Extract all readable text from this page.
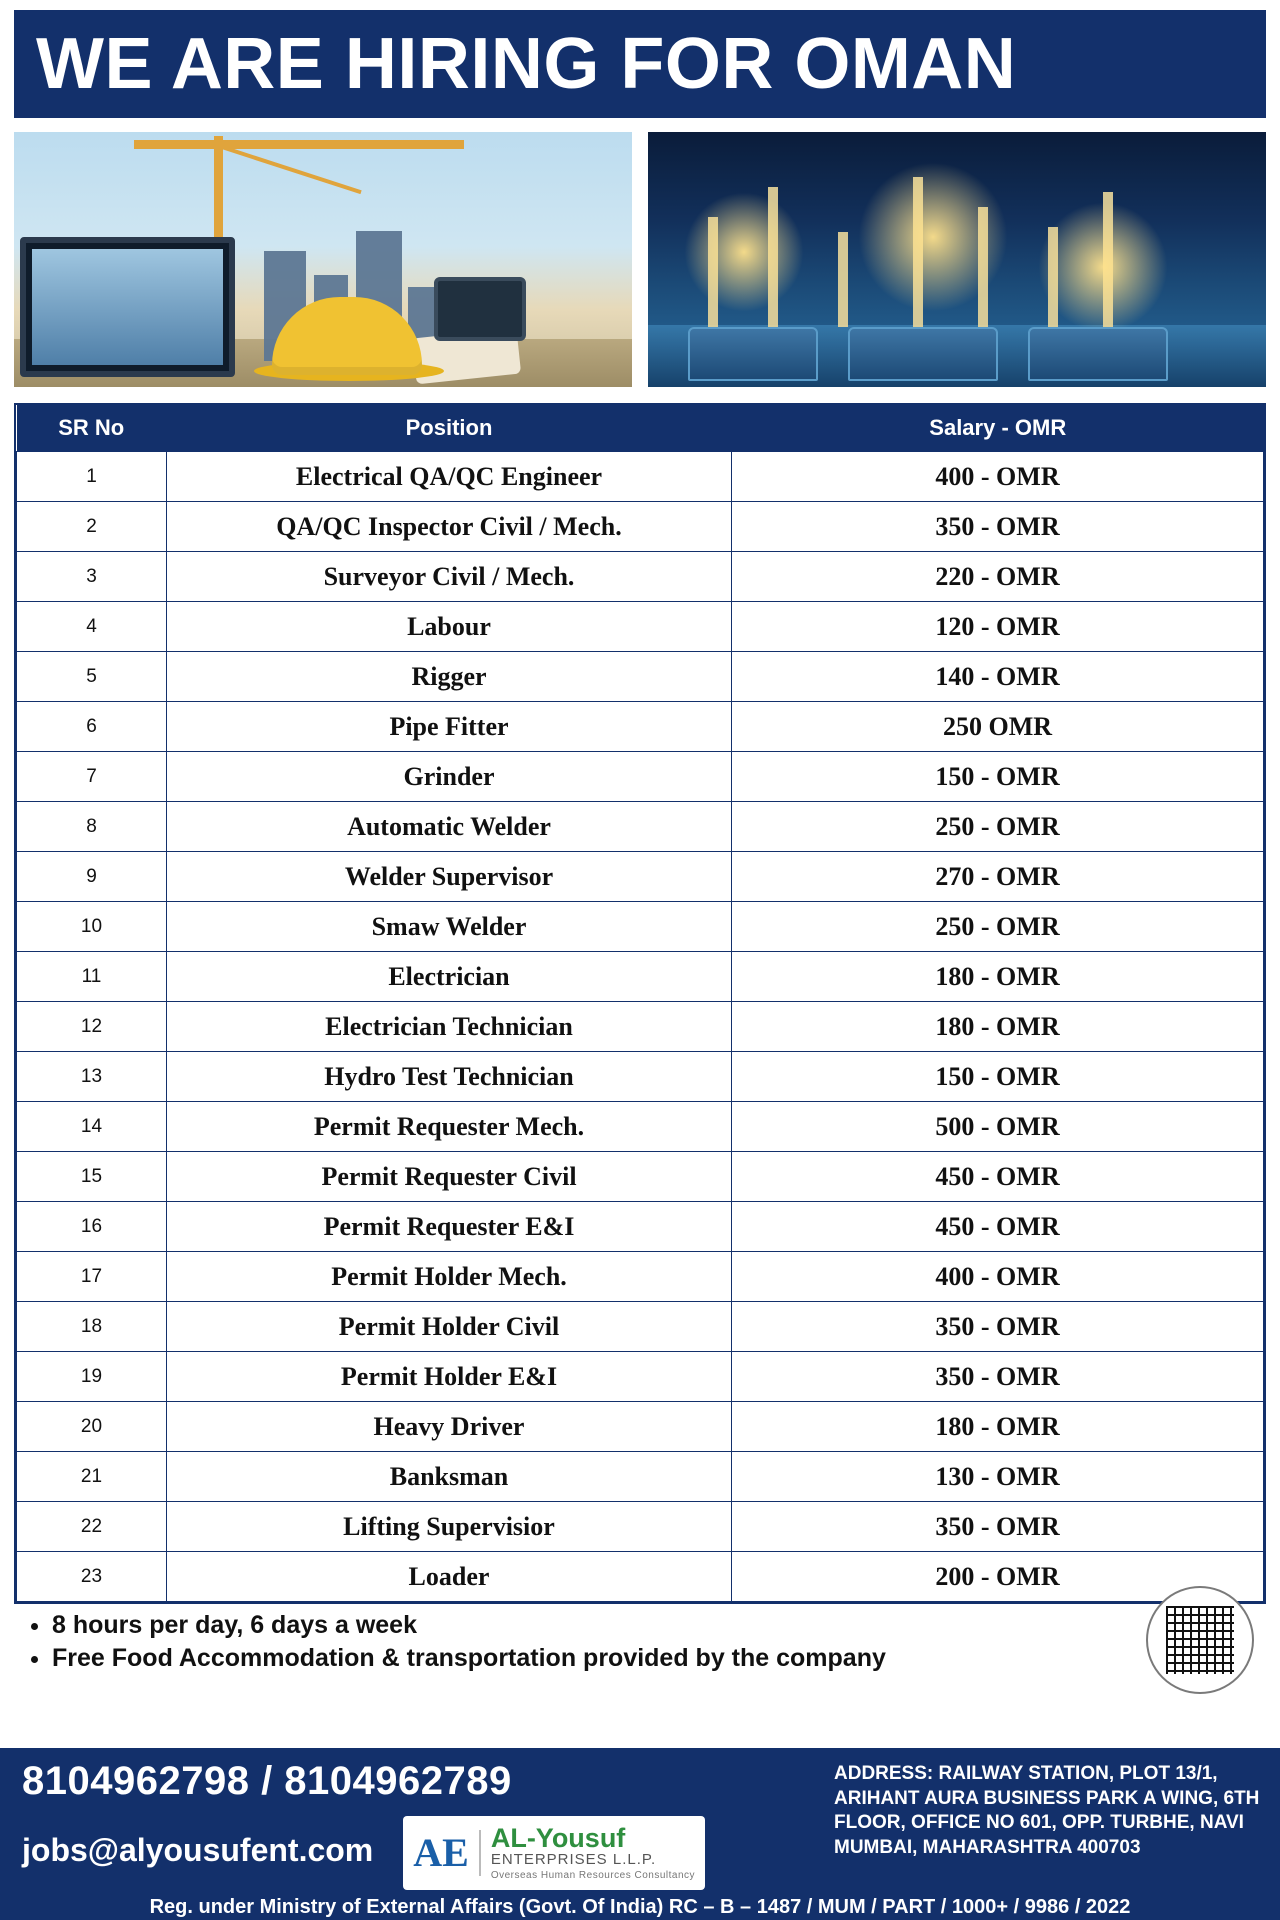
WE ARE HIRING FOR OMAN
SR No	Position	Salary - OMR
1	Electrical QA/QC Engineer	400 - OMR
2	QA/QC Inspector Civil / Mech.	350 - OMR
3	Surveyor Civil / Mech.	220 - OMR
4	Labour	120 - OMR
5	Rigger	140 - OMR
6	Pipe Fitter	250 OMR
7	Grinder	150 - OMR
8	Automatic Welder	250 - OMR
9	Welder Supervisor	270 - OMR
10	Smaw Welder	250 - OMR
11	Electrician	180 - OMR
12	Electrician Technician	180 - OMR
13	Hydro Test Technician	150 - OMR
14	Permit Requester Mech.	500 - OMR
15	Permit Requester Civil	450 - OMR
16	Permit Requester E&I	450 - OMR
17	Permit Holder Mech.	400 - OMR
18	Permit Holder Civil	350 - OMR
19	Permit Holder E&I	350 - OMR
20	Heavy Driver	180 - OMR
21	Banksman	130 - OMR
22	Lifting Supervisior	350 - OMR
23	Loader	200 - OMR
• 8 hours per day, 6 days a week
• Free Food Accommodation & transportation provided by the company
8104962798 / 8104962789
jobs@alyousufent.com AE AL-Yousuf
ENTERPRISES L.L.P.
Overseas Human Resources Consultancy
ADDRESS: RAILWAY STATION, PLOT 13/1, ARIHANT AURA BUSINESS PARK A WING, 6TH FLOOR, OFFICE NO 601, OPP. TURBHE, NAVI MUMBAI, MAHARASHTRA 400703
Reg. under Ministry of External Affairs (Govt. Of India) RC – B – 1487 / MUM / PART / 1000+ / 9986 / 2022
